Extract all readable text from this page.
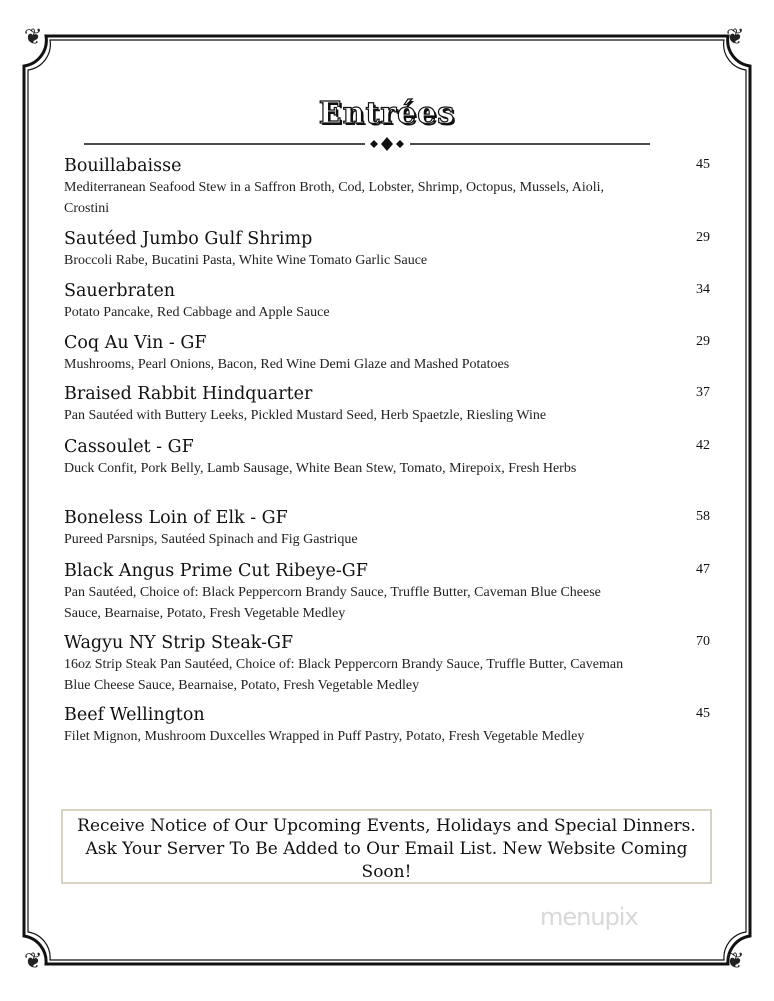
❦	❦
❦	❦
Entrées
Bouillabaisse
Mediterranean Seafood Stew in a Saffron Broth, Cod, Lobster, Shrimp, Octopus, Mussels, Aioli, Crostini
45
Sautéed Jumbo Gulf Shrimp
Broccoli Rabe, Bucatini Pasta, White Wine Tomato Garlic Sauce
29
Sauerbraten
Potato Pancake, Red Cabbage and Apple Sauce
34
Coq Au Vin - GF
Mushrooms, Pearl Onions, Bacon, Red Wine Demi Glaze and Mashed Potatoes
29
Braised Rabbit Hindquarter
Pan Sautéed with Buttery Leeks, Pickled Mustard Seed, Herb Spaetzle, Riesling Wine
37
Cassoulet - GF
Duck Confit, Pork Belly, Lamb Sausage, White Bean Stew, Tomato, Mirepoix, Fresh Herbs
42
Boneless Loin of Elk - GF
Pureed Parsnips, Sautéed Spinach and Fig Gastrique
58
Black Angus Prime Cut Ribeye-GF
Pan Sautéed, Choice of: Black Peppercorn Brandy Sauce, Truffle Butter, Caveman Blue Cheese Sauce, Bearnaise, Potato, Fresh Vegetable Medley
47
Wagyu NY Strip Steak-GF
16oz Strip Steak Pan Sautéed, Choice of: Black Peppercorn Brandy Sauce, Truffle Butter, Caveman Blue Cheese Sauce, Bearnaise, Potato, Fresh Vegetable Medley
70
Beef Wellington
Filet Mignon, Mushroom Duxcelles Wrapped in Puff Pastry, Potato, Fresh Vegetable Medley
45
Receive Notice of Our Upcoming Events, Holidays and Special Dinners. Ask Your Server To Be Added to Our Email List. New Website Coming Soon!
menupix
